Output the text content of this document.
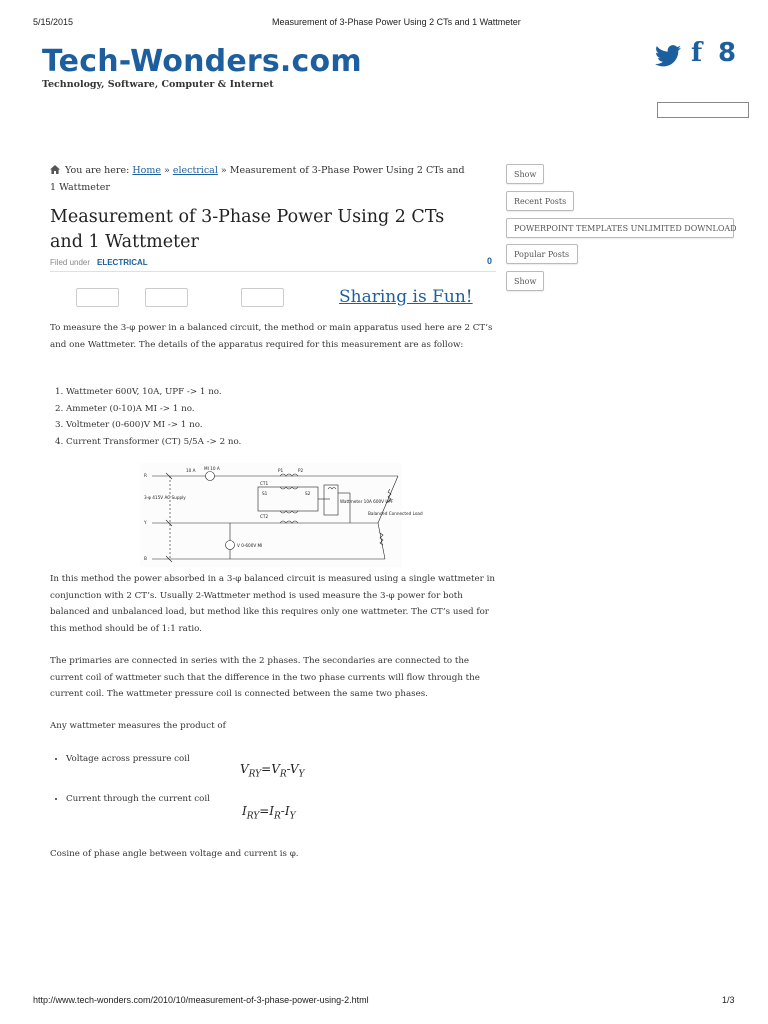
5/15/2015	Measurement of 3-Phase Power Using 2 CTs and 1 Wattmeter
Tech-Wonders.com
Technology, Software, Computer & Internet
f 8
You are here: Home » electrical » Measurement of 3-Phase Power Using 2 CTs and 1 Wattmeter
Measurement of 3-Phase Power Using 2 CTs and 1 Wattmeter
Filed under ELECTRICAL	0
Sharing is Fun!

To measure the 3-φ power in a balanced circuit, the method or main apparatus used here are 2 CT’s and one Wattmeter. The details of the apparatus required for this measurement are as follow:

1. Wattmeter 600V, 10A, UPF -> 1 no.
2. Ammeter (0-10)A MI -> 1 no.
3. Voltmeter (0-600)V MI -> 1 no.
4. Current Transformer (CT) 5/5A -> 2 no.
R
Y
B
10 A MI 10 A
3-φ 415V AC Supply
CT1
CT2
P1	P2
S1	S2
Wattmeter 10A 600V UPF
Balanced Connected Load
V 0-600V MI

In this method the power absorbed in a 3-φ balanced circuit is measured using a single wattmeter in conjunction with 2 CT’s. Usually 2-Wattmeter method is used measure the 3-φ power for both balanced and unbalanced load, but method like this requires only one wattmeter. The CT’s used for this method should be of 1:1 ratio.

The primaries are connected in series with the 2 phases. The secondaries are connected to the current coil of wattmeter such that the difference in the two phase currents will flow through the current coil. The wattmeter pressure coil is connected between the same two phases.

Any wattmeter measures the product of

• Voltage across pressure coil
• Current through the current coil
$V_{RY}=V_R-V_Y$
$I_{RY}=I_R-I_Y$

Cosine of phase angle between voltage and current is φ.

Show
Recent Posts
POWERPOINT TEMPLATES UNLIMITED DOWNLOAD
Popular Posts
Show
http://www.tech-wonders.com/2010/10/measurement-of-3-phase-power-using-2.html	1/3
